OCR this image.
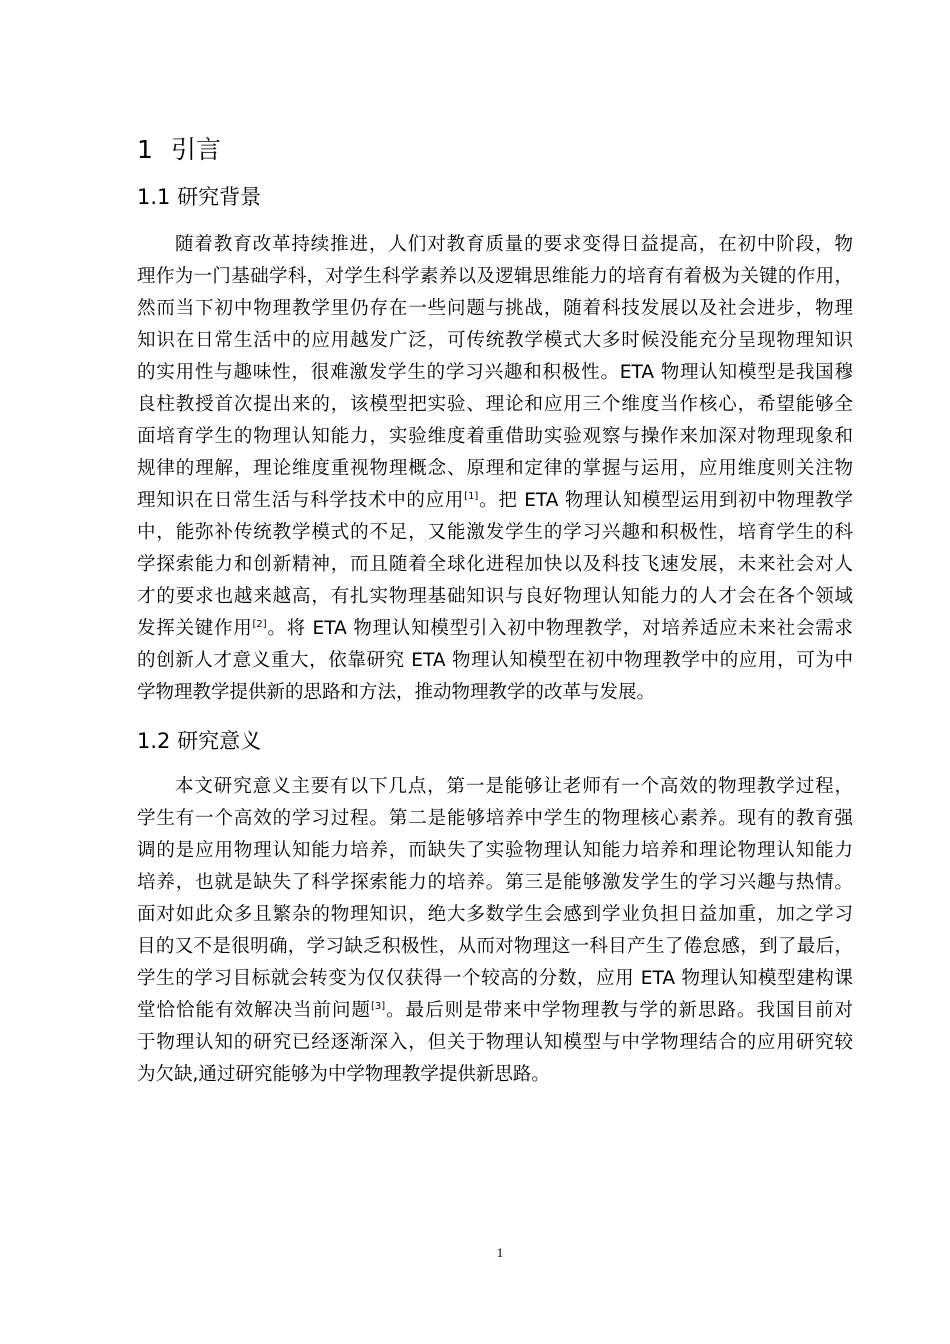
1 引言
1.1 研究背景
随着教育改革持续推进，人们对教育质量的要求变得日益提高，在初中阶段，物
理作为一门基础学科，对学生科学素养以及逻辑思维能力的培育有着极为关键的作用，
然而当下初中物理教学里仍存在一些问题与挑战，随着科技发展以及社会进步，物理
知识在日常生活中的应用越发广泛，可传统教学模式大多时候没能充分呈现物理知识
的实用性与趣味性，很难激发学生的学习兴趣和积极性。ETA 物理认知模型是我国穆
良柱教授首次提出来的，该模型把实验、理论和应用三个维度当作核心，希望能够全
面培育学生的物理认知能力，实验维度着重借助实验观察与操作来加深对物理现象和
规律的理解，理论维度重视物理概念、原理和定律的掌握与运用，应用维度则关注物
理知识在日常生活与科学技术中的应用[1]。把 ETA 物理认知模型运用到初中物理教学
中，能弥补传统教学模式的不足，又能激发学生的学习兴趣和积极性，培育学生的科
学探索能力和创新精神，而且随着全球化进程加快以及科技飞速发展，未来社会对人
才的要求也越来越高，有扎实物理基础知识与良好物理认知能力的人才会在各个领域
发挥关键作用[2]。将 ETA 物理认知模型引入初中物理教学，对培养适应未来社会需求
的创新人才意义重大，依靠研究 ETA 物理认知模型在初中物理教学中的应用，可为中
学物理教学提供新的思路和方法，推动物理教学的改革与发展。
1.2 研究意义
本文研究意义主要有以下几点，第一是能够让老师有一个高效的物理教学过程，
学生有一个高效的学习过程。第二是能够培养中学生的物理核心素养。现有的教育强
调的是应用物理认知能力培养，而缺失了实验物理认知能力培养和理论物理认知能力
培养，也就是缺失了科学探索能力的培养。第三是能够激发学生的学习兴趣与热情。
面对如此众多且繁杂的物理知识，绝大多数学生会感到学业负担日益加重，加之学习
目的又不是很明确，学习缺乏积极性，从而对物理这一科目产生了倦怠感，到了最后，
学生的学习目标就会转变为仅仅获得一个较高的分数，应用 ETA 物理认知模型建构课
堂恰恰能有效解决当前问题[3]。最后则是带来中学物理教与学的新思路。我国目前对
于物理认知的研究已经逐渐深入，但关于物理认知模型与中学物理结合的应用研究较
为欠缺,通过研究能够为中学物理教学提供新思路。
1
